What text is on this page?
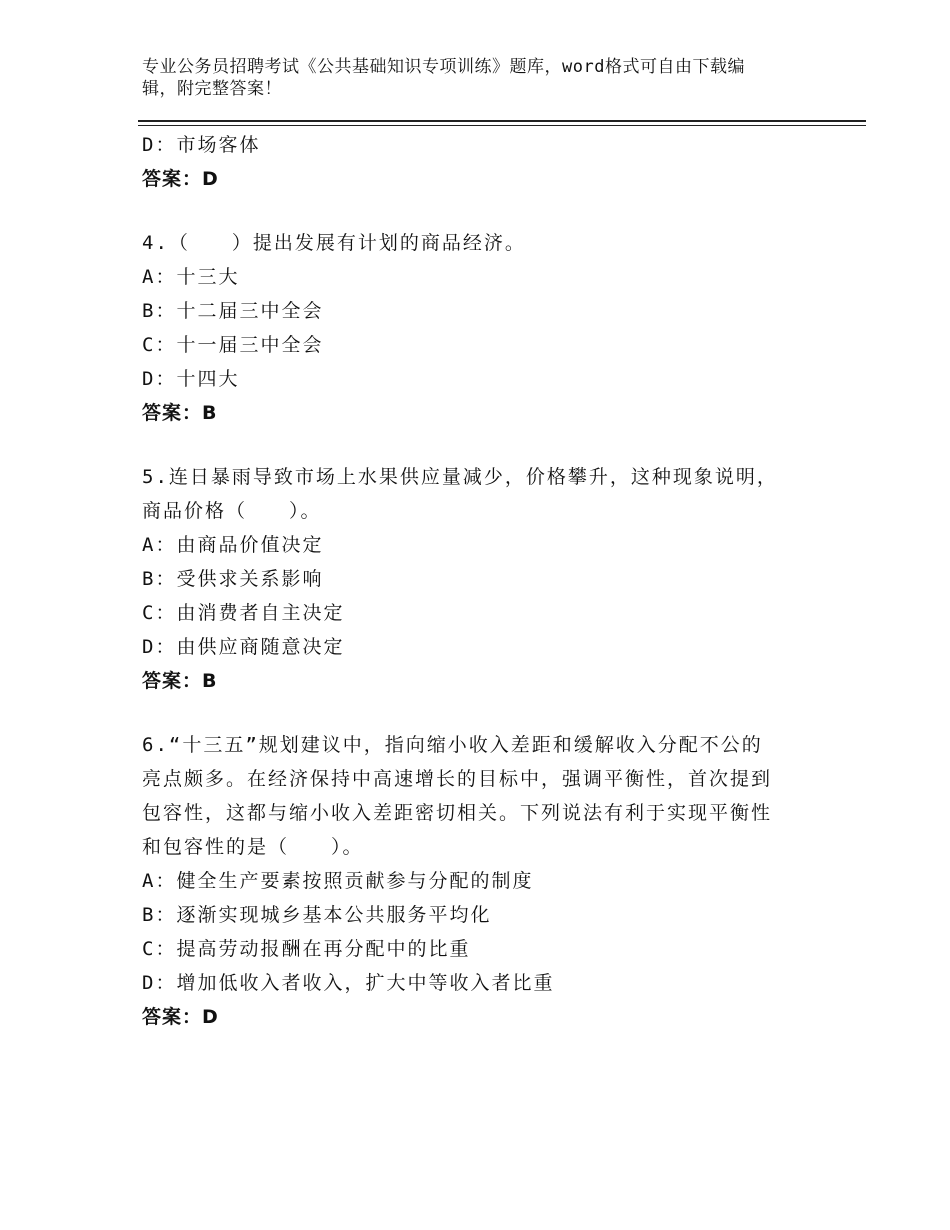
专业公务员招聘考试《公共基础知识专项训练》题库，word格式可自由下载编
辑，附完整答案！
D：市场客体
答案：D
4.（　　）提出发展有计划的商品经济。
A：十三大
B：十二届三中全会
C：十一届三中全会
D：十四大
答案：B
5.连日暴雨导致市场上水果供应量减少，价格攀升，这种现象说明，
商品价格（　　）。
A：由商品价值决定
B：受供求关系影响
C：由消费者自主决定
D：由供应商随意决定
答案：B
6.“十三五”规划建议中，指向缩小收入差距和缓解收入分配不公的
亮点颇多。在经济保持中高速增长的目标中，强调平衡性，首次提到
包容性，这都与缩小收入差距密切相关。下列说法有利于实现平衡性
和包容性的是（　　）。
A：健全生产要素按照贡献参与分配的制度
B：逐渐实现城乡基本公共服务平均化
C：提高劳动报酬在再分配中的比重
D：增加低收入者收入，扩大中等收入者比重
答案：D
